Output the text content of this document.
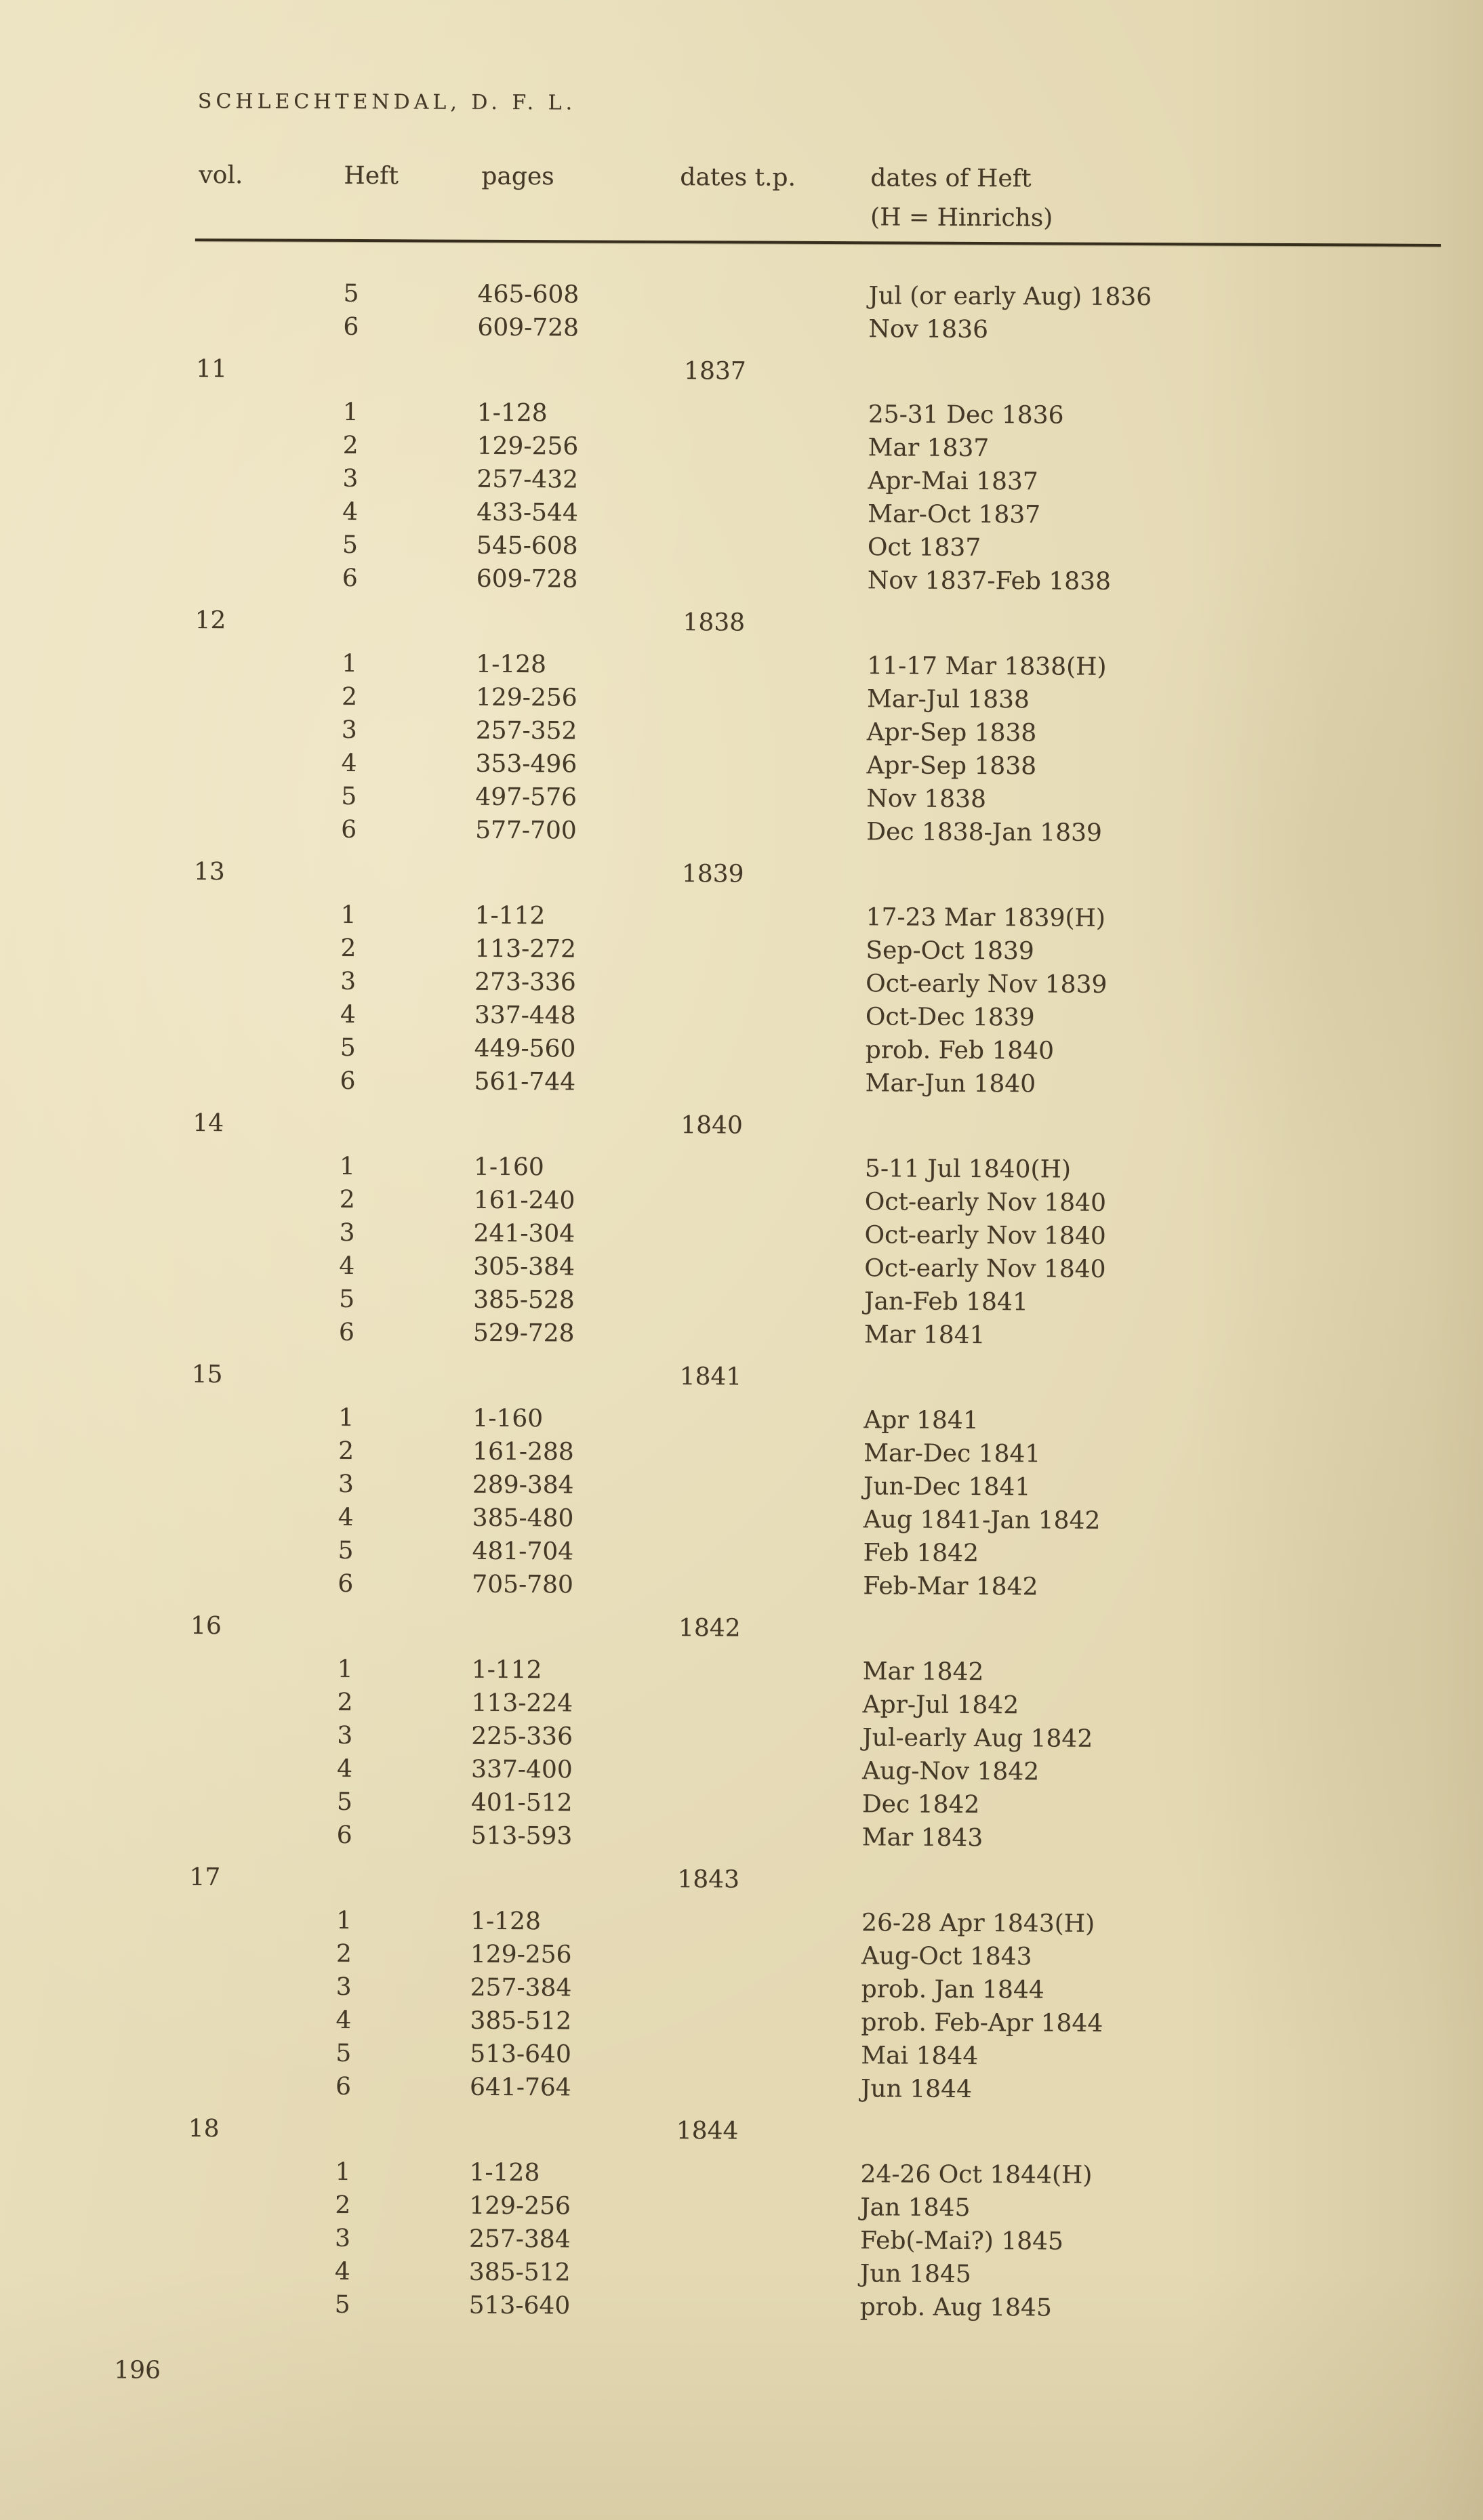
SCHLECHTENDAL, D. F. L.
vol.	Heft	pages	dates t.p.	dates of Heft
(H = Hinrichs)
5	465-608	Jul (or early Aug) 1836
6	609-728	Nov 1836
11	1837
1	1-128	25-31 Dec 1836
2	129-256	Mar 1837
3	257-432	Apr-Mai 1837
4	433-544	Mar-Oct 1837
5	545-608	Oct 1837
6	609-728	Nov 1837-Feb 1838
12	1838
1	1-128	11-17 Mar 1838(H)
2	129-256	Mar-Jul 1838
3	257-352	Apr-Sep 1838
4	353-496	Apr-Sep 1838
5	497-576	Nov 1838
6	577-700	Dec 1838-Jan 1839
13	1839
1	1-112	17-23 Mar 1839(H)
2	113-272	Sep-Oct 1839
3	273-336	Oct-early Nov 1839
4	337-448	Oct-Dec 1839
5	449-560	prob. Feb 1840
6	561-744	Mar-Jun 1840
14	1840
1	1-160	5-11 Jul 1840(H)
2	161-240	Oct-early Nov 1840
3	241-304	Oct-early Nov 1840
4	305-384	Oct-early Nov 1840
5	385-528	Jan-Feb 1841
6	529-728	Mar 1841
15	1841
1	1-160	Apr 1841
2	161-288	Mar-Dec 1841
3	289-384	Jun-Dec 1841
4	385-480	Aug 1841-Jan 1842
5	481-704	Feb 1842
6	705-780	Feb-Mar 1842
16	1842
1	1-112	Mar 1842
2	113-224	Apr-Jul 1842
3	225-336	Jul-early Aug 1842
4	337-400	Aug-Nov 1842
5	401-512	Dec 1842
6	513-593	Mar 1843
17	1843
1	1-128	26-28 Apr 1843(H)
2	129-256	Aug-Oct 1843
3	257-384	prob. Jan 1844
4	385-512	prob. Feb-Apr 1844
5	513-640	Mai 1844
6	641-764	Jun 1844
18	1844
1	1-128	24-26 Oct 1844(H)
2	129-256	Jan 1845
3	257-384	Feb(-Mai?) 1845
4	385-512	Jun 1845
5	513-640	prob. Aug 1845
196
